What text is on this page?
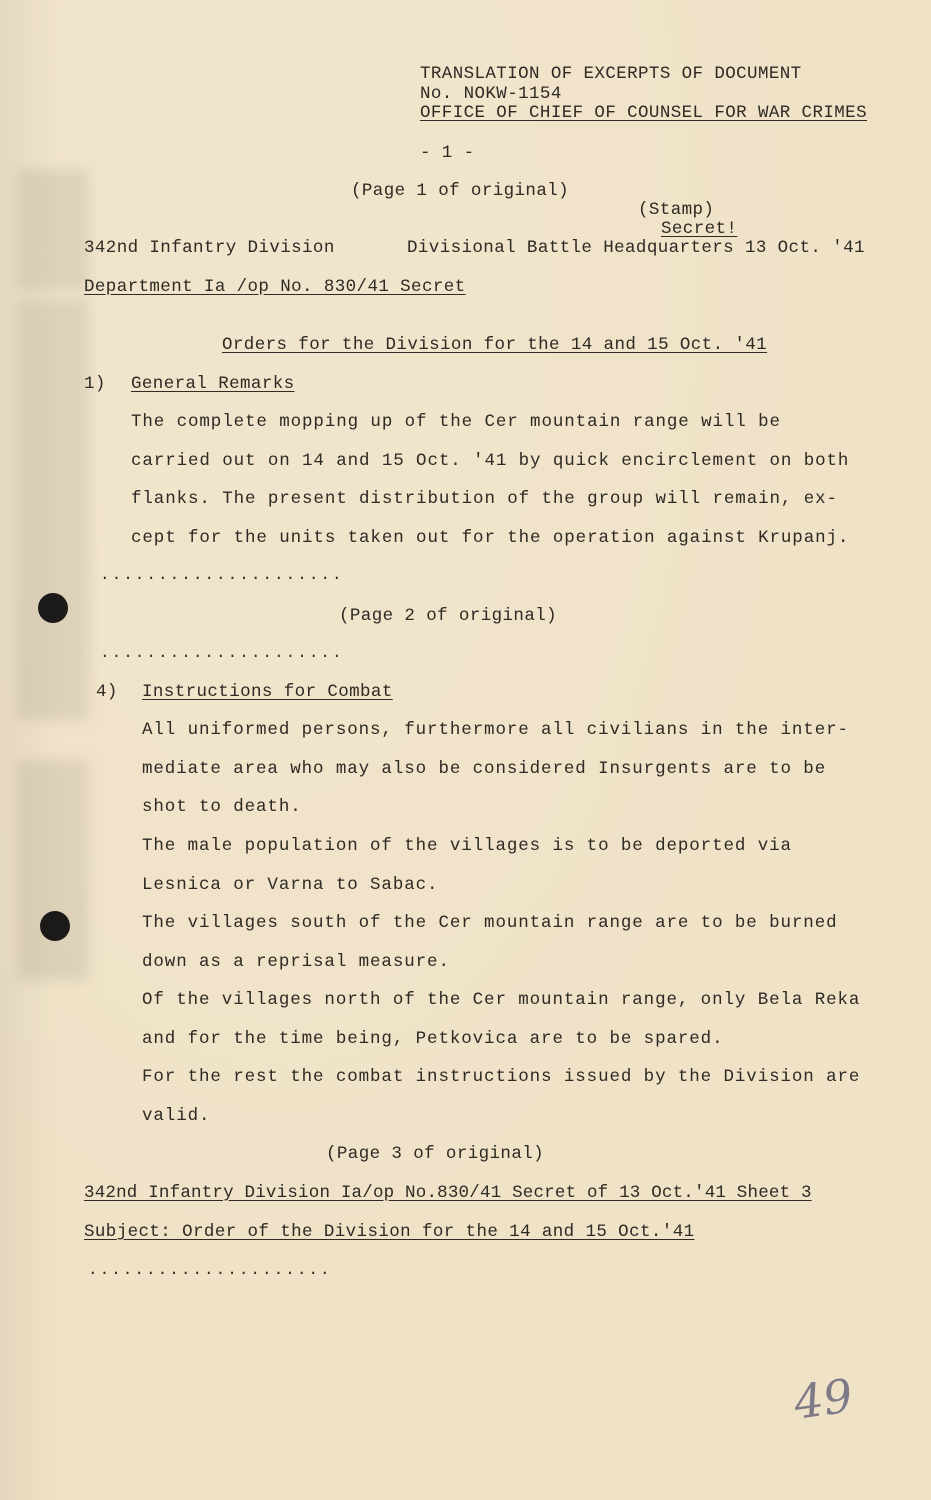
TRANSLATION OF EXCERPTS OF DOCUMENT
No. NOKW-1154
OFFICE OF CHIEF OF COUNSEL FOR WAR CRIMES
- 1 -
(Page 1 of original)
(Stamp)
Secret!
342nd Infantry Division	Divisional Battle Headquarters 13 Oct. '41
Department Ia /op No. 830/41 Secret
Orders for the Division for the 14 and 15 Oct. '41
1) General Remarks
The complete mopping up of the Cer mountain range will be
carried out on 14 and 15 Oct. '41 by quick encirclement on both
flanks. The present distribution of the group will remain, ex-
cept for the units taken out for the operation against Krupanj.
.....................
(Page 2 of original)
.....................
4) Instructions for Combat
All uniformed persons, furthermore all civilians in the inter-
mediate area who may also be considered Insurgents are to be
shot to death.
The male population of the villages is to be deported via
Lesnica or Varna to Sabac.
The villages south of the Cer mountain range are to be burned
down as a reprisal measure.
Of the villages north of the Cer mountain range, only Bela Reka
and for the time being, Petkovica are to be spared.
For the rest the combat instructions issued by the Division are
valid.
(Page 3 of original)
342nd Infantry Division Ia/op No.830/41 Secret of 13 Oct.'41 Sheet 3
Subject: Order of the Division for the 14 and 15 Oct.'41
.....................
49
